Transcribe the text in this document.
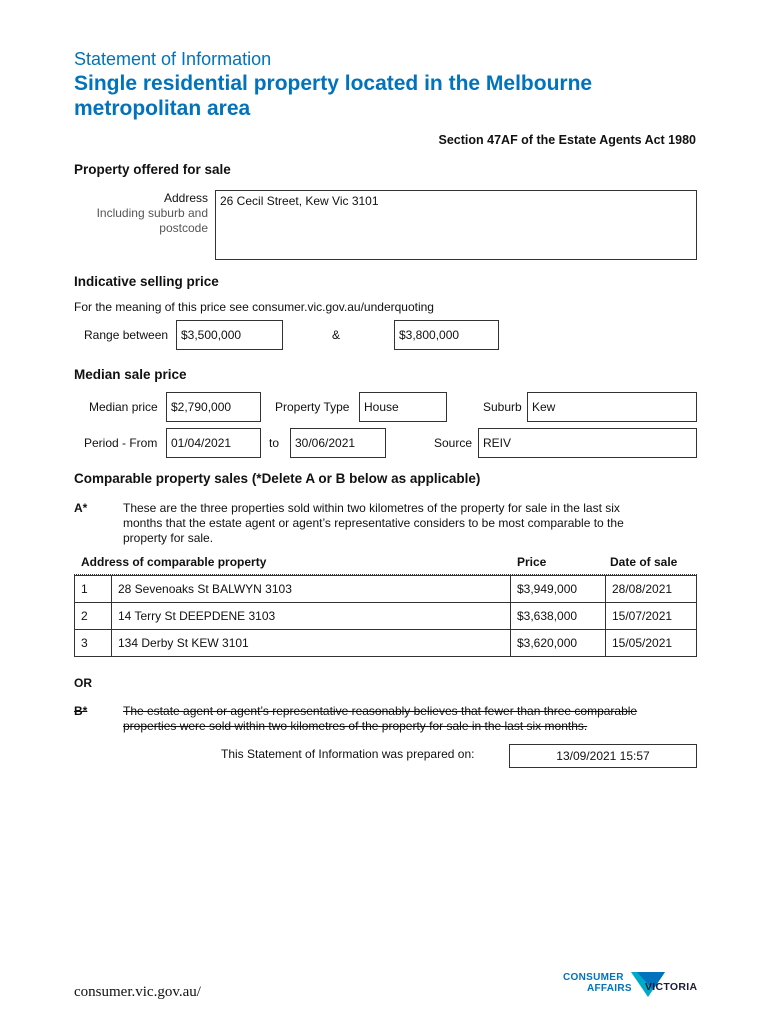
Statement of Information
Single residential property located in the Melbourne metropolitan area
Section 47AF of the Estate Agents Act 1980
Property offered for sale
Address
Including suburb and
postcode
26 Cecil Street, Kew Vic 3101
Indicative selling price
For the meaning of this price see consumer.vic.gov.au/underquoting
Range between	$3,500,000	&	$3,800,000
Median sale price
Median price	$2,790,000	Property Type	House	Suburb Kew
Period - From	01/04/2021	to	30/06/2021	Source REIV
Comparable property sales (*Delete A or B below as applicable)
A*	These are the three properties sold within two kilometres of the property for sale in the last six
months that the estate agent or agent’s representative considers to be most comparable to the
property for sale.
Address of comparable property	Price	Date of sale
1	28 Sevenoaks St BALWYN 3103	$3,949,000	28/08/2021
2	14 Terry St DEEPDENE 3103	$3,638,000	15/07/2021
3	134 Derby St KEW 3101	$3,620,000	15/05/2021
OR
B*	The estate agent or agent’s representative reasonably believes that fewer than three comparable
properties were sold within two kilometres of the property for sale in the last six months.
This Statement of Information was prepared on:	13/09/2021 15:57
consumer.vic.gov.au/
CONSUMER
AFFAIRS VICTORIA
